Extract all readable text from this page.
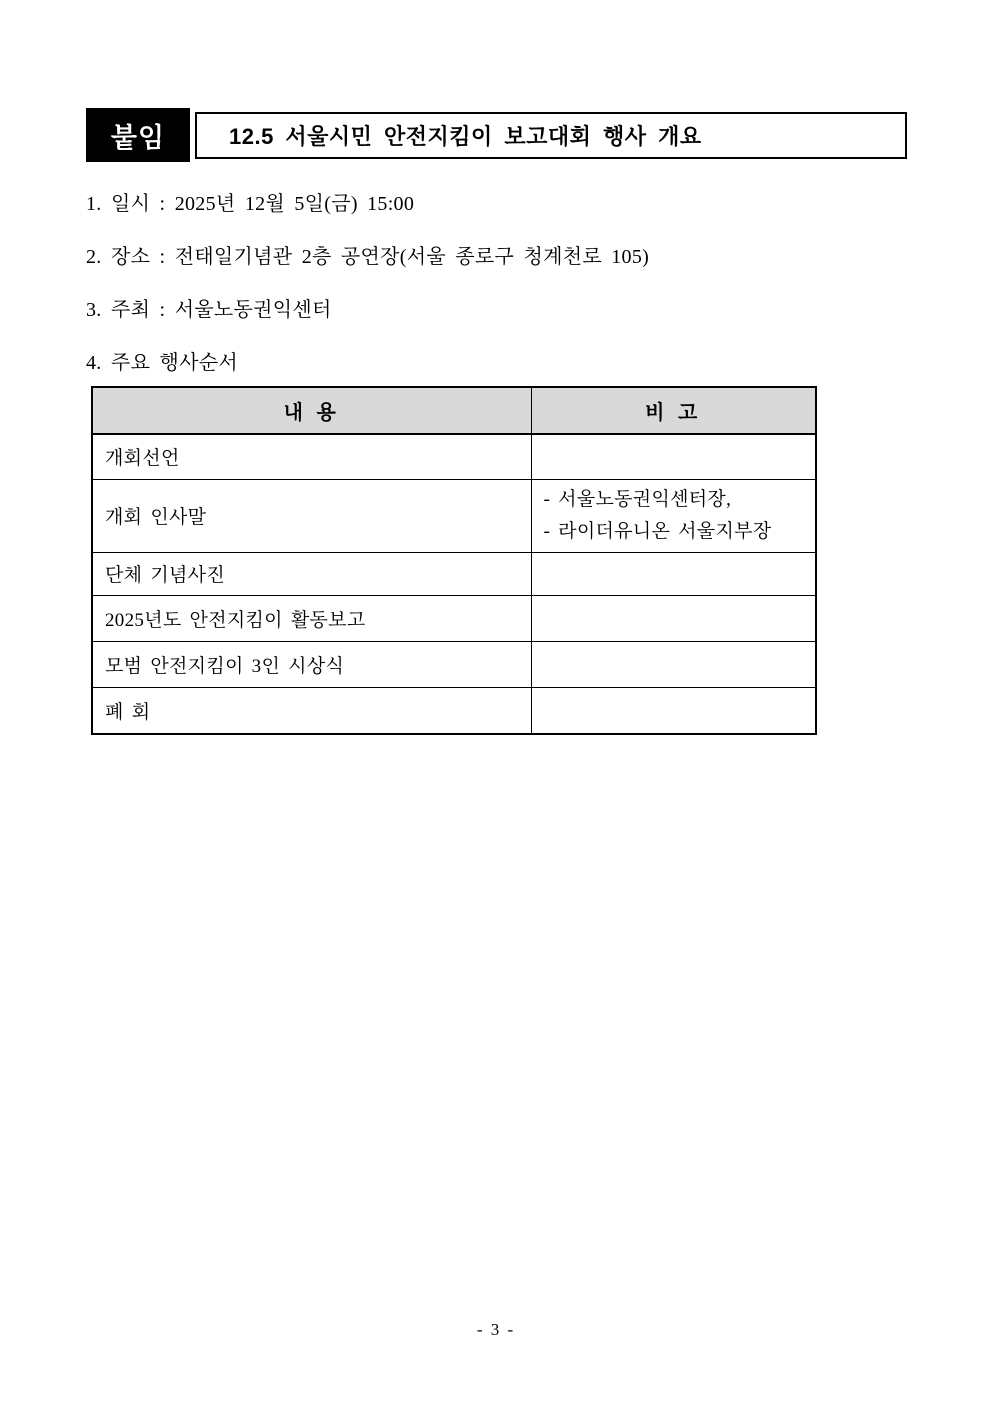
붙임	12.5 서울시민 안전지킴이 보고대회 행사 개요
1. 일시 : 2025년 12월 5일(금) 15:00
2. 장소 : 전태일기념관 2층 공연장(서울 종로구 청계천로 105)
3. 주최 : 서울노동권익센터
4. 주요 행사순서
내 용	비 고
개회선언	

개회 인사말	- 서울노동권익센터장,
- 라이더유니온 서울지부장

단체 기념사진	

2025년도 안전지킴이 활동보고	

모범 안전지킴이 3인 시상식	

폐 회	
- 3 -
